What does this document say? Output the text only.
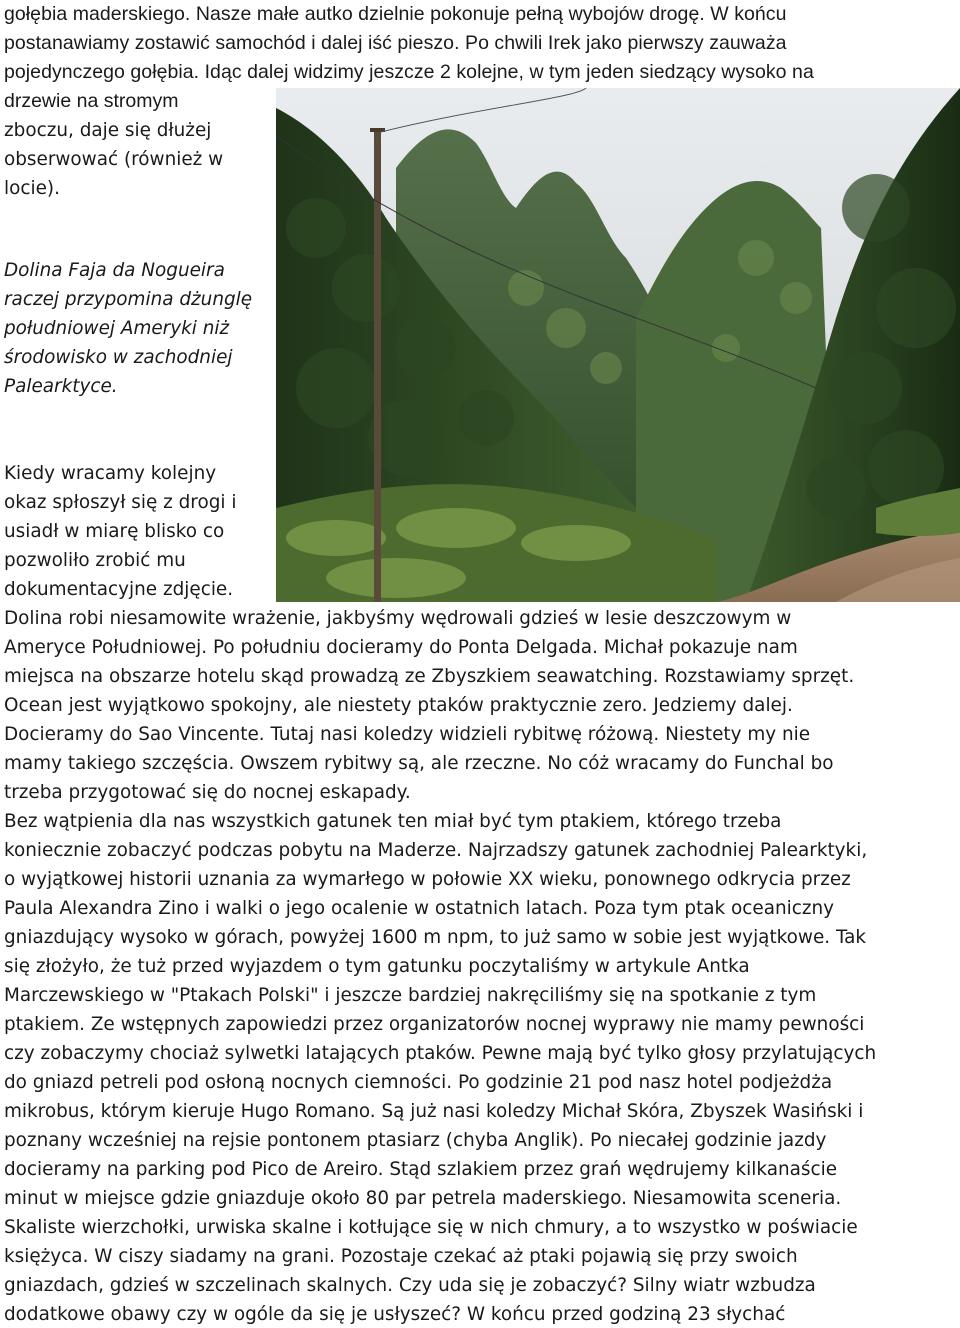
gołębia maderskiego. Nasze małe autko dzielnie pokonuje pełną wybojów drogę. W końcu
postanawiamy zostawić samochód i dalej iść pieszo. Po chwili Irek jako pierwszy zauważa
pojedynczego gołębia. Idąc dalej widzimy jeszcze 2 kolejne, w tym jeden siedzący wysoko na

drzewie na stromym
zboczu, daje się dłużej
obserwować (również w
locie).

Dolina Faja da Nogueira
raczej przypomina dżunglę
południowej Ameryki niż
środowisko w zachodniej
Palearktyce.

Kiedy wracamy kolejny
okaz spłoszył się z drogi i
usiadł w miarę blisko co
pozwoliło zrobić mu
dokumentacyjne zdjęcie.

Dolina robi niesamowite wrażenie, jakbyśmy wędrowali gdzieś w lesie deszczowym w
Ameryce Południowej. Po południu docieramy do Ponta Delgada. Michał pokazuje nam
miejsca na obszarze hotelu skąd prowadzą ze Zbyszkiem seawatching. Rozstawiamy sprzęt.
Ocean jest wyjątkowo spokojny, ale niestety ptaków praktycznie zero. Jedziemy dalej.
Docieramy do Sao Vincente. Tutaj nasi koledzy widzieli rybitwę różową. Niestety my nie
mamy takiego szczęścia. Owszem rybitwy są, ale rzeczne. No cóż wracamy do Funchal bo
trzeba przygotować się do nocnej eskapady.
Bez wątpienia dla nas wszystkich gatunek ten miał być tym ptakiem, którego trzeba
koniecznie zobaczyć podczas pobytu na Maderze. Najrzadszy gatunek zachodniej Palearktyki,
o wyjątkowej historii uznania za wymarłego w połowie XX wieku, ponownego odkrycia przez
Paula Alexandra Zino i walki o jego ocalenie w ostatnich latach. Poza tym ptak oceaniczny
gniazdujący wysoko w górach, powyżej 1600 m npm, to już samo w sobie jest wyjątkowe. Tak
się złożyło, że tuż przed wyjazdem o tym gatunku poczytaliśmy w artykule Antka
Marczewskiego w "Ptakach Polski" i jeszcze bardziej nakręciliśmy się na spotkanie z tym
ptakiem. Ze wstępnych zapowiedzi przez organizatorów nocnej wyprawy nie mamy pewności
czy zobaczymy chociaż sylwetki latających ptaków. Pewne mają być tylko głosy przylatujących
do gniazd petreli pod osłoną nocnych ciemności. Po godzinie 21 pod nasz hotel podjeżdża
mikrobus, którym kieruje Hugo Romano. Są już nasi koledzy Michał Skóra, Zbyszek Wasiński i
poznany wcześniej na rejsie pontonem ptasiarz (chyba Anglik). Po niecałej godzinie jazdy
docieramy na parking pod Pico de Areiro. Stąd szlakiem przez grań wędrujemy kilkanaście
minut w miejsce gdzie gniazduje około 80 par petrela maderskiego. Niesamowita sceneria.
Skaliste wierzchołki, urwiska skalne i kotłujące się w nich chmury, a to wszystko w poświacie
księżyca. W ciszy siadamy na grani. Pozostaje czekać aż ptaki pojawią się przy swoich
gniazdach, gdzieś w szczelinach skalnych. Czy uda się je zobaczyć? Silny wiatr wzbudza
dodatkowe obawy czy w ogóle da się je usłyszeć? W końcu przed godziną 23 słychać
